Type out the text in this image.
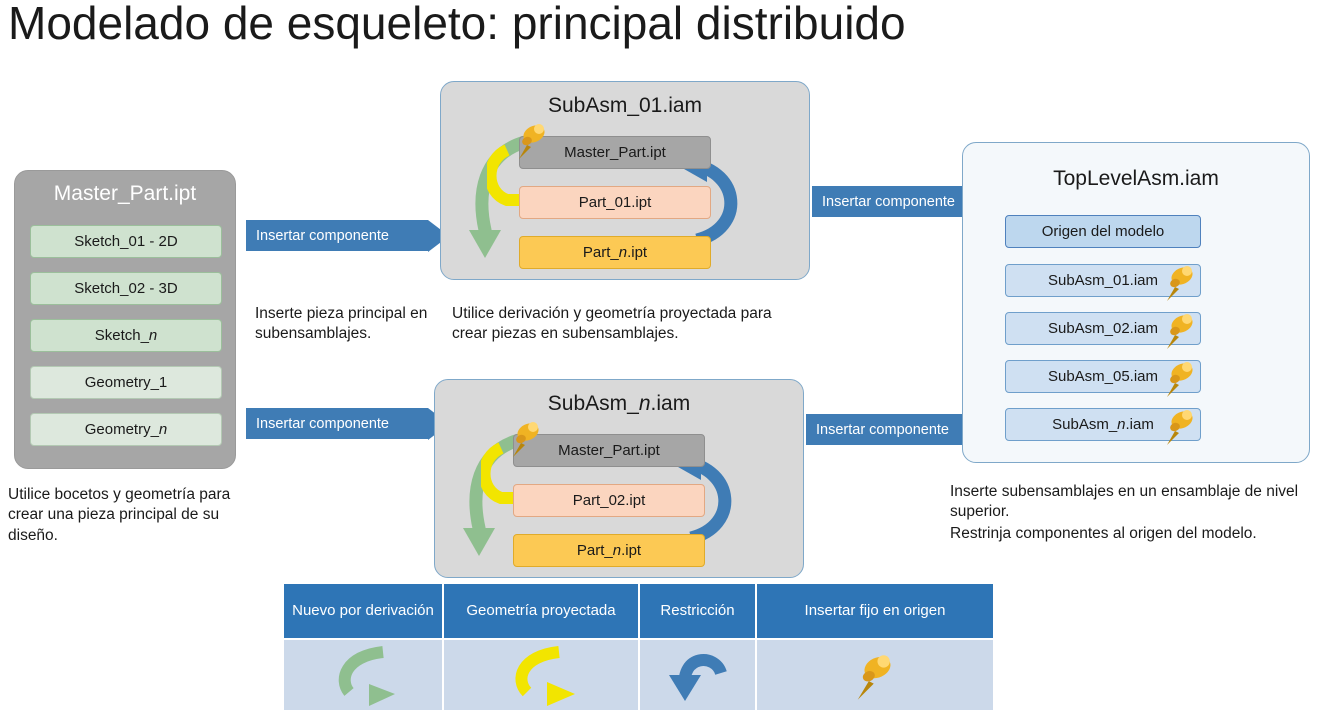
Modelado de esqueleto: principal distribuido
Master_Part.ipt
Sketch_01 - 2D
Sketch_02 - 3D
Sketch_n
Geometry_1
Geometry_n
Utilice bocetos y geometría para crear una pieza principal de su diseño.
Insertar componente
Inserte pieza principal en subensamblajes.
Insertar componente
SubAsm_01.iam
Master_Part.ipt
Part_01.ipt
Part_n.ipt
Utilice derivación y geometría proyectada para crear piezas en subensamblajes.
SubAsm_n.iam
Master_Part.ipt
Part_02.ipt
Part_n.ipt
Insertar componente
Insertar componente
TopLevelAsm.iam
Origen del modelo
SubAsm_01.iam
SubAsm_02.iam
SubAsm_05.iam
SubAsm_n.iam
Inserte subensamblajes en un ensamblaje de nivel superior.
Restrinja componentes al origen del modelo.
Nuevo por derivación	Geometría proyectada	Restricción	Insertar fijo en origen
